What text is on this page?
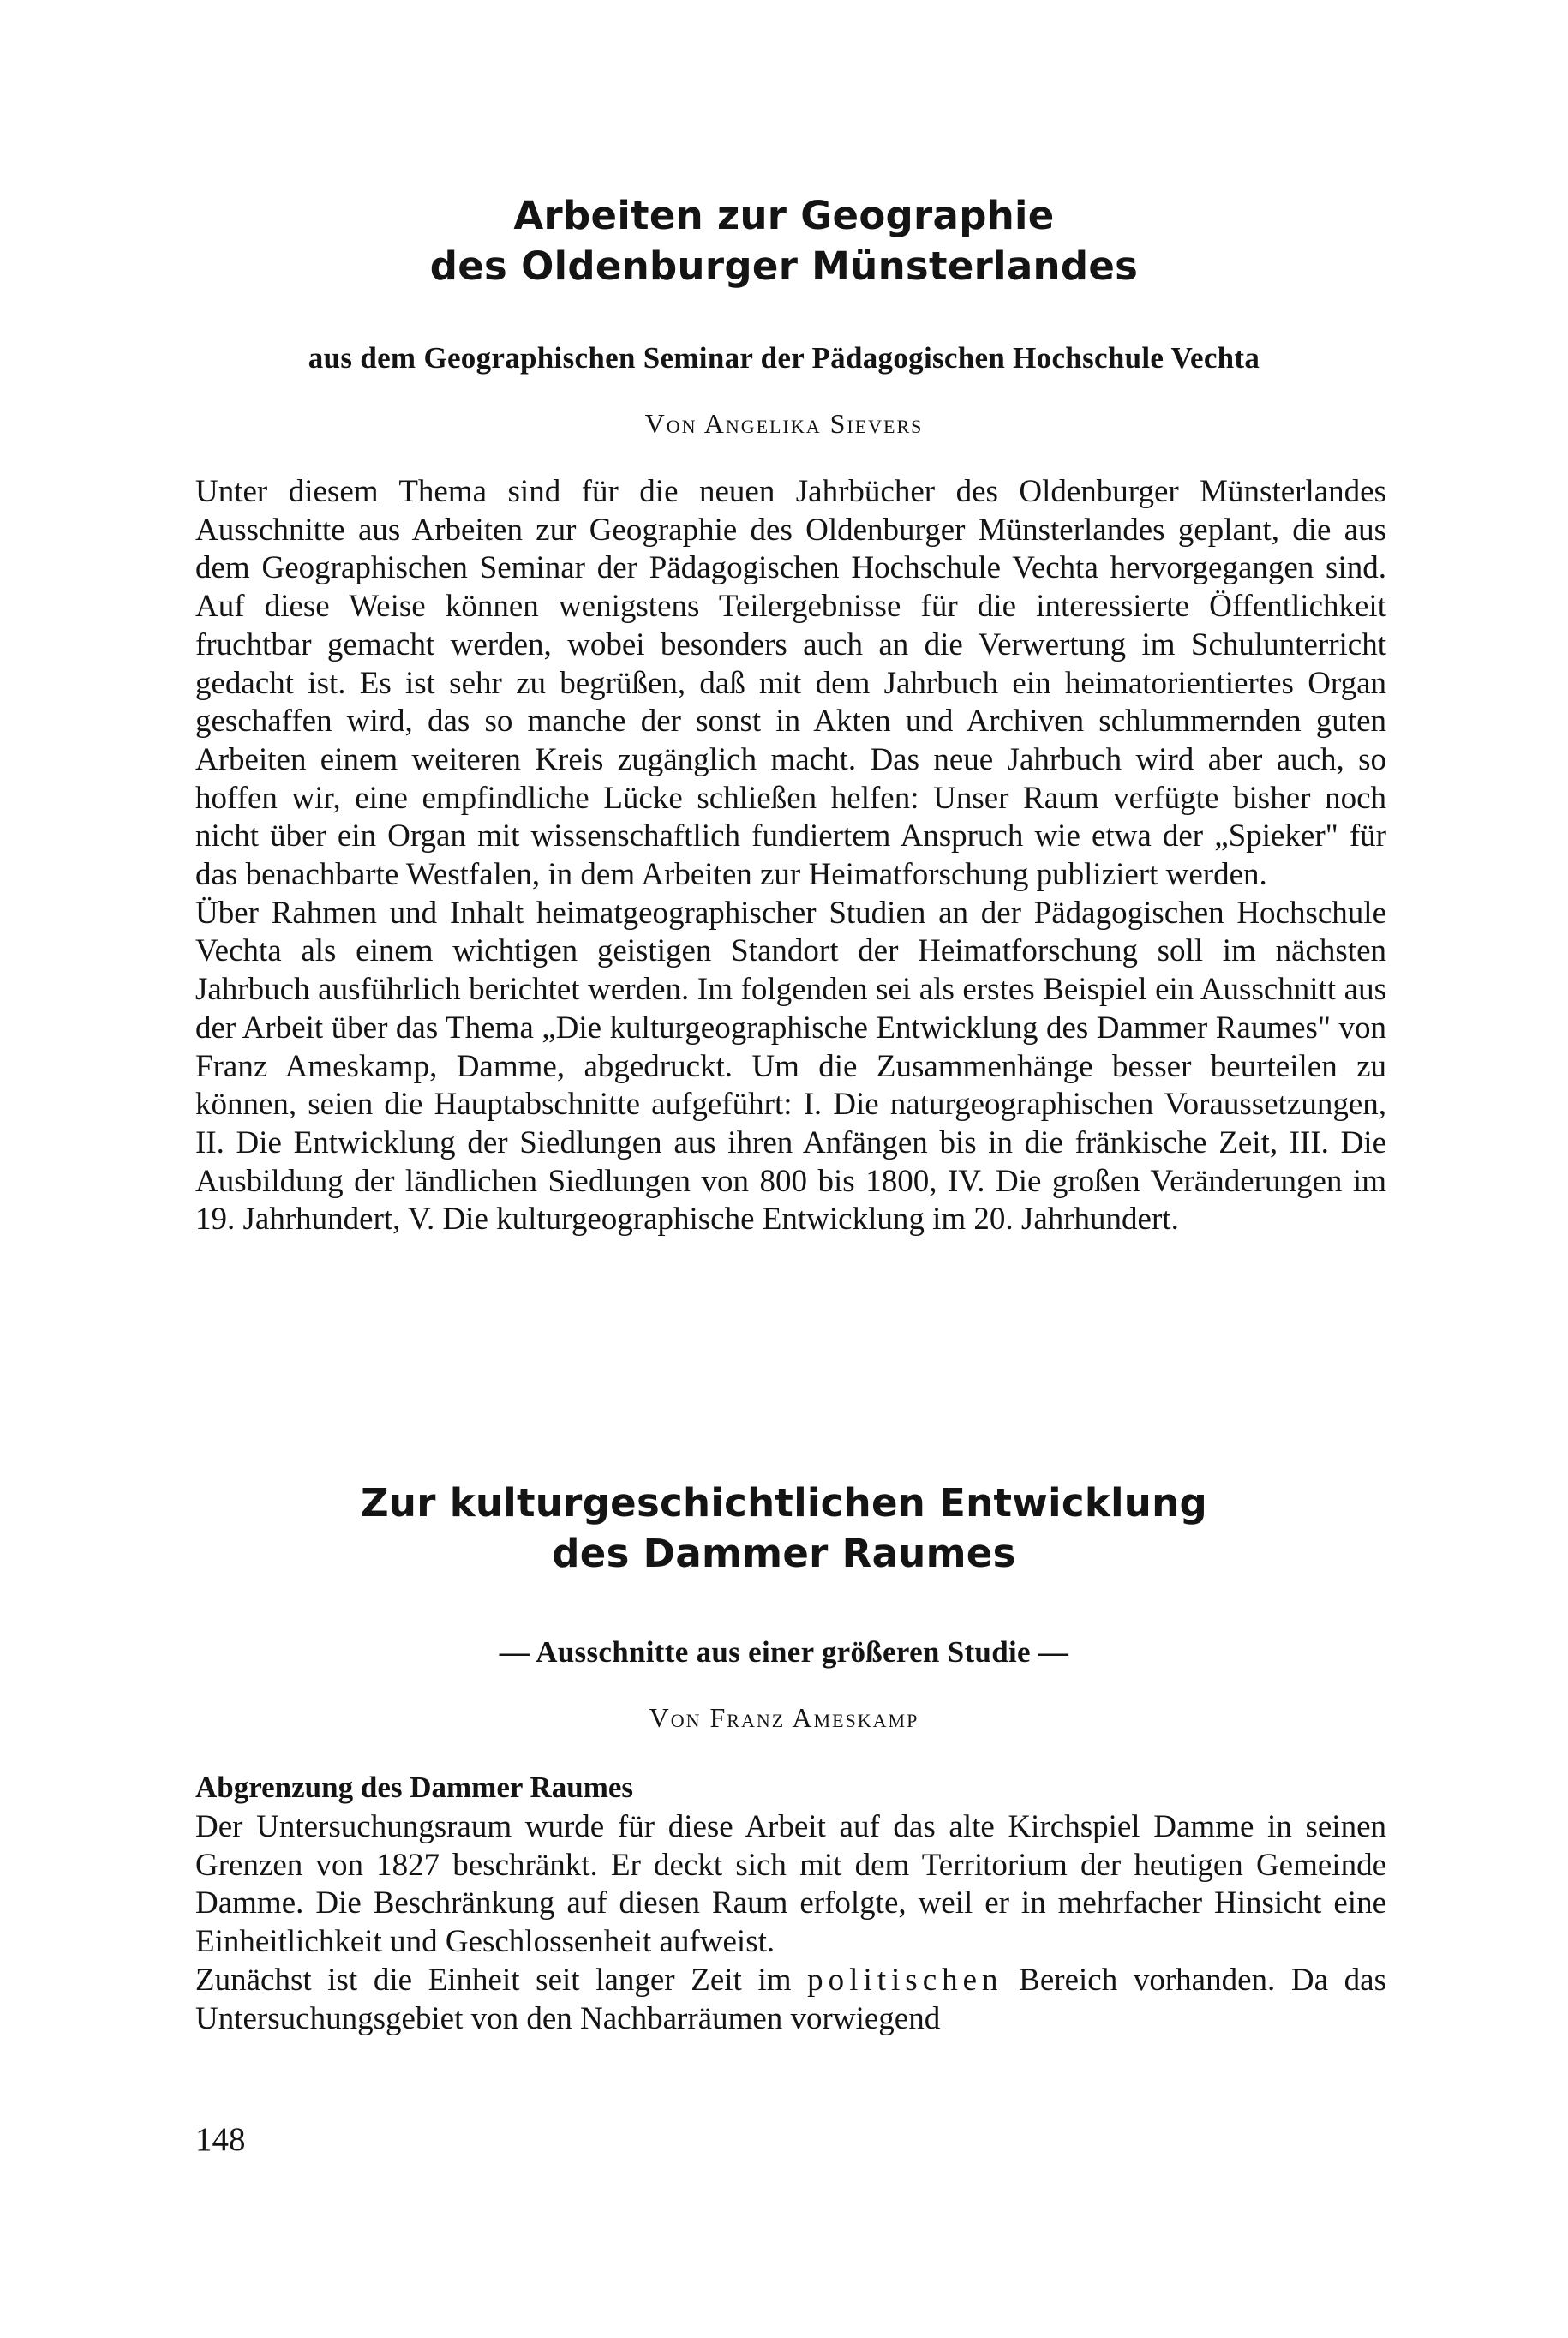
Arbeiten zur Geographie
des Oldenburger Münsterlandes
aus dem Geographischen Seminar der Pädagogischen Hochschule Vechta
Von Angelika Sievers

Unter diesem Thema sind für die neuen Jahrbücher des Oldenburger Münsterlandes Ausschnitte aus Arbeiten zur Geographie des Oldenburger Münsterlandes geplant, die aus dem Geographischen Seminar der Pädagogischen Hochschule Vechta hervorgegangen sind. Auf diese Weise können wenigstens Teilergebnisse für die interessierte Öffentlichkeit fruchtbar gemacht werden, wobei besonders auch an die Verwertung im Schulunterricht gedacht ist. Es ist sehr zu begrüßen, daß mit dem Jahrbuch ein heimatorientiertes Organ geschaffen wird, das so manche der sonst in Akten und Archiven schlummernden guten Arbeiten einem weiteren Kreis zugänglich macht. Das neue Jahrbuch wird aber auch, so hoffen wir, eine empfindliche Lücke schließen helfen: Unser Raum verfügte bisher noch nicht über ein Organ mit wissenschaftlich fundiertem Anspruch wie etwa der „Spieker" für das benachbarte Westfalen, in dem Arbeiten zur Heimatforschung publiziert werden.

Über Rahmen und Inhalt heimatgeographischer Studien an der Pädagogischen Hochschule Vechta als einem wichtigen geistigen Standort der Heimatforschung soll im nächsten Jahrbuch ausführlich berichtet werden. Im folgenden sei als erstes Beispiel ein Ausschnitt aus der Arbeit über das Thema „Die kulturgeographische Entwicklung des Dammer Raumes" von Franz Ameskamp, Damme, abgedruckt. Um die Zusammenhänge besser beurteilen zu können, seien die Hauptabschnitte aufgeführt: I. Die naturgeographischen Voraussetzungen, II. Die Entwicklung der Siedlungen aus ihren Anfängen bis in die fränkische Zeit, III. Die Ausbildung der ländlichen Siedlungen von 800 bis 1800, IV. Die großen Veränderungen im 19. Jahrhundert, V. Die kulturgeographische Entwicklung im 20. Jahrhundert.

Zur kulturgeschichtlichen Entwicklung
des Dammer Raumes
— Ausschnitte aus einer größeren Studie —
Von Franz Ameskamp
Abgrenzung des Dammer Raumes

Der Untersuchungsraum wurde für diese Arbeit auf das alte Kirchspiel Damme in seinen Grenzen von 1827 beschränkt. Er deckt sich mit dem Territorium der heutigen Gemeinde Damme. Die Beschränkung auf diesen Raum erfolgte, weil er in mehrfacher Hinsicht eine Einheitlichkeit und Geschlossenheit aufweist.

Zunächst ist die Einheit seit langer Zeit im politischen Bereich vorhanden. Da das Untersuchungsgebiet von den Nachbarräumen vorwiegend

148
